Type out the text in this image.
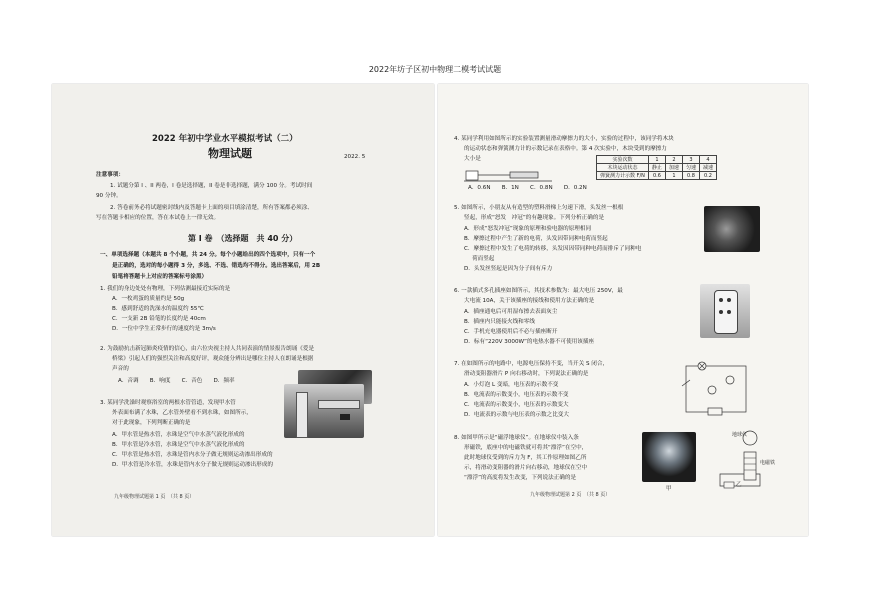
2022年坊子区初中物理二模考试试题
2022 年初中学业水平模拟考试（二）
物理试题	2022. 5
注意事项：
1. 试题分第 I 、II 两卷，I 卷是选择题，II 卷是非选择题，满分 100 分。考试时间
90 分钟。
2. 答卷前务必将试题密封线内及答题卡上面的项目填涂清楚，所有答案都必须涂、
写在答题卡相应的位置，答在本试卷上一律无效。
第 I 卷　（选择题　共 40 分）
一、单项选择题（本题共 8 个小题，共 24 分。每个小题给出的四个选项中，只有一个
是正确的，选对的每小题得 3 分，多选、不选、错选均不得分。选出答案后，用 2B
铅笔将答题卡上对应的答案标号涂黑）
1. 我们的身边处处有物理，下列估测最接近实际的是
A．一枚鸡蛋的质量约是 50g
B．感到舒适的洗澡水的温度约 55℃
C．一支新 2B 铅笔的长度约是 40cm
D．一位中学生正常步行的速度约是 3m/s
2. 为鼓励抗击新冠肺炎疫情的信心，由六位央视主持人共同表演的情景报告朗诵《爱是
桥梁》引起人们的强烈关注和高度好评，观众能分辨出是哪位主持人在朗诵是根据
声音的
A．音调　　B．响度　　C．音色　　D．频率
3. 某同学洗澡时观察浴室的两根水管管道，发现甲水管
外表面布满了水珠，乙水管外壁看不到水珠，如图所示，
对于此现象，下列判断正确的是
A．甲水管是热水管，水珠是空气中水蒸气液化形成的
B．甲水管是冷水管，水珠是空气中水蒸气液化形成的
C．甲水管是热水管，水珠是管内水分子做无规则运动渗出形成的
D．甲水管是冷水管，水珠是管内水分子做无规则运动渗出形成的
九年级物理试题第 1 页　（共 8 页）
4. 某同学利用如图所示的实验装置测量滑动摩擦力的大小，实验的过程中，该同学将木块
的运动状态和弹簧测力计的示数记录在表格中。第 4 次实验中，木块受到的摩擦力
大小是	实验次数	1	2	3	4
木块运动状态	静止	加速	匀速	减速
弹簧测力计示数 F/N	0.6	1	0.8	0.2
A．0.6N　　B．1N　　C．0.8N　　D．0.2N
5. 如图所示，小朋友从有造型的塑料滑梯上匀速下滑，头发丝一根根
竖起，形成“怒发　冲冠”的有趣现象。下列分析正确的是
A．形成“怒发冲冠”现象的原理和验电器的原理相同
B．摩擦过程中产生了新的电荷，头发因带同种电荷而竖起
C．摩擦过程中发生了电荷的转移，头发因因带同种电荷而排斥了同种电
荷而竖起
D．头发丝竖起是因为分子间有斥力
6. 一款插式多孔插座如图所示，其技术参数为：最大电压 250V，最
大电流 10A，关于该插座的接线和使用方法正确的是
A．插座通电后可用湿布擦去表面灰尘
B．插座内只能接火线和零线
C．手机充电器使用后不必与插座断开
D．标有“220V 3000W”的电热水器不可使用该插座
7. 在如图所示的电路中，电源电压保持不变，当开关 S 闭合，
滑动变阻器滑片 P 向右移动时，下列说法正确的是
A．小灯泡 L 变暗，电压表的示数不变
B．电流表的示数变小，电压表的示数不变
C．电流表的示数变小，电压表的示数变大
D．电流表的示数与电压表的示数之比变大
8. 如图甲所示是“磁浮地球仪”。在地球仪中装入条
形磁铁，底座中的电磁铁就可将其“漂浮”在空中，
此时地球仪受到的斥力为 F，其工作原理如图乙所
示，将滑动变阻器的滑片向右移动，地球仪在空中
“漂浮”的高度将发生改变，下列说法正确的是
甲
地球仪
电磁铁
乙
九年级物理试题第 2 页　（共 8 页）
